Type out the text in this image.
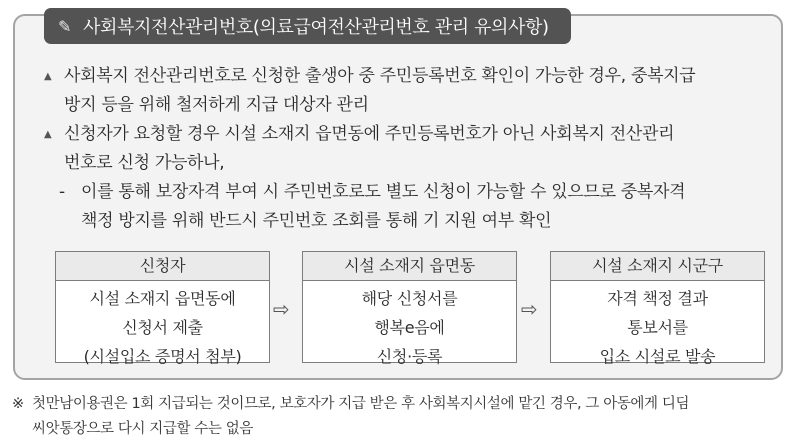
✎ 사회복지전산관리번호(의료급여전산관리번호 관리 유의사항)
▲ 사회복지 전산관리번호로 신청한 출생아 중 주민등록번호 확인이 가능한 경우, 중복지급
방지 등을 위해 철저하게 지급 대상자 관리
▲ 신청자가 요청할 경우 시설 소재지 읍면동에 주민등록번호가 아닌 사회복지 전산관리
번호로 신청 가능하나,
- 이를 통해 보장자격 부여 시 주민번호로도 별도 신청이 가능할 수 있으므로 중복자격
책정 방지를 위해 반드시 주민번호 조회를 통해 기 지원 여부 확인
신청자
시설 소재지 읍면동에
신청서 제출
(시설입소 증명서 첨부)
⇨
시설 소재지 읍면동
해당 신청서를
행복e음에
신청·등록
⇨
시설 소재지 시군구
자격 책정 결과
통보서를
입소 시설로 발송
※ 첫만남이용권은 1회 지급되는 것이므로, 보호자가 지급 받은 후 사회복지시설에 맡긴 경우, 그 아동에게 디딤
씨앗통장으로 다시 지급할 수는 없음
